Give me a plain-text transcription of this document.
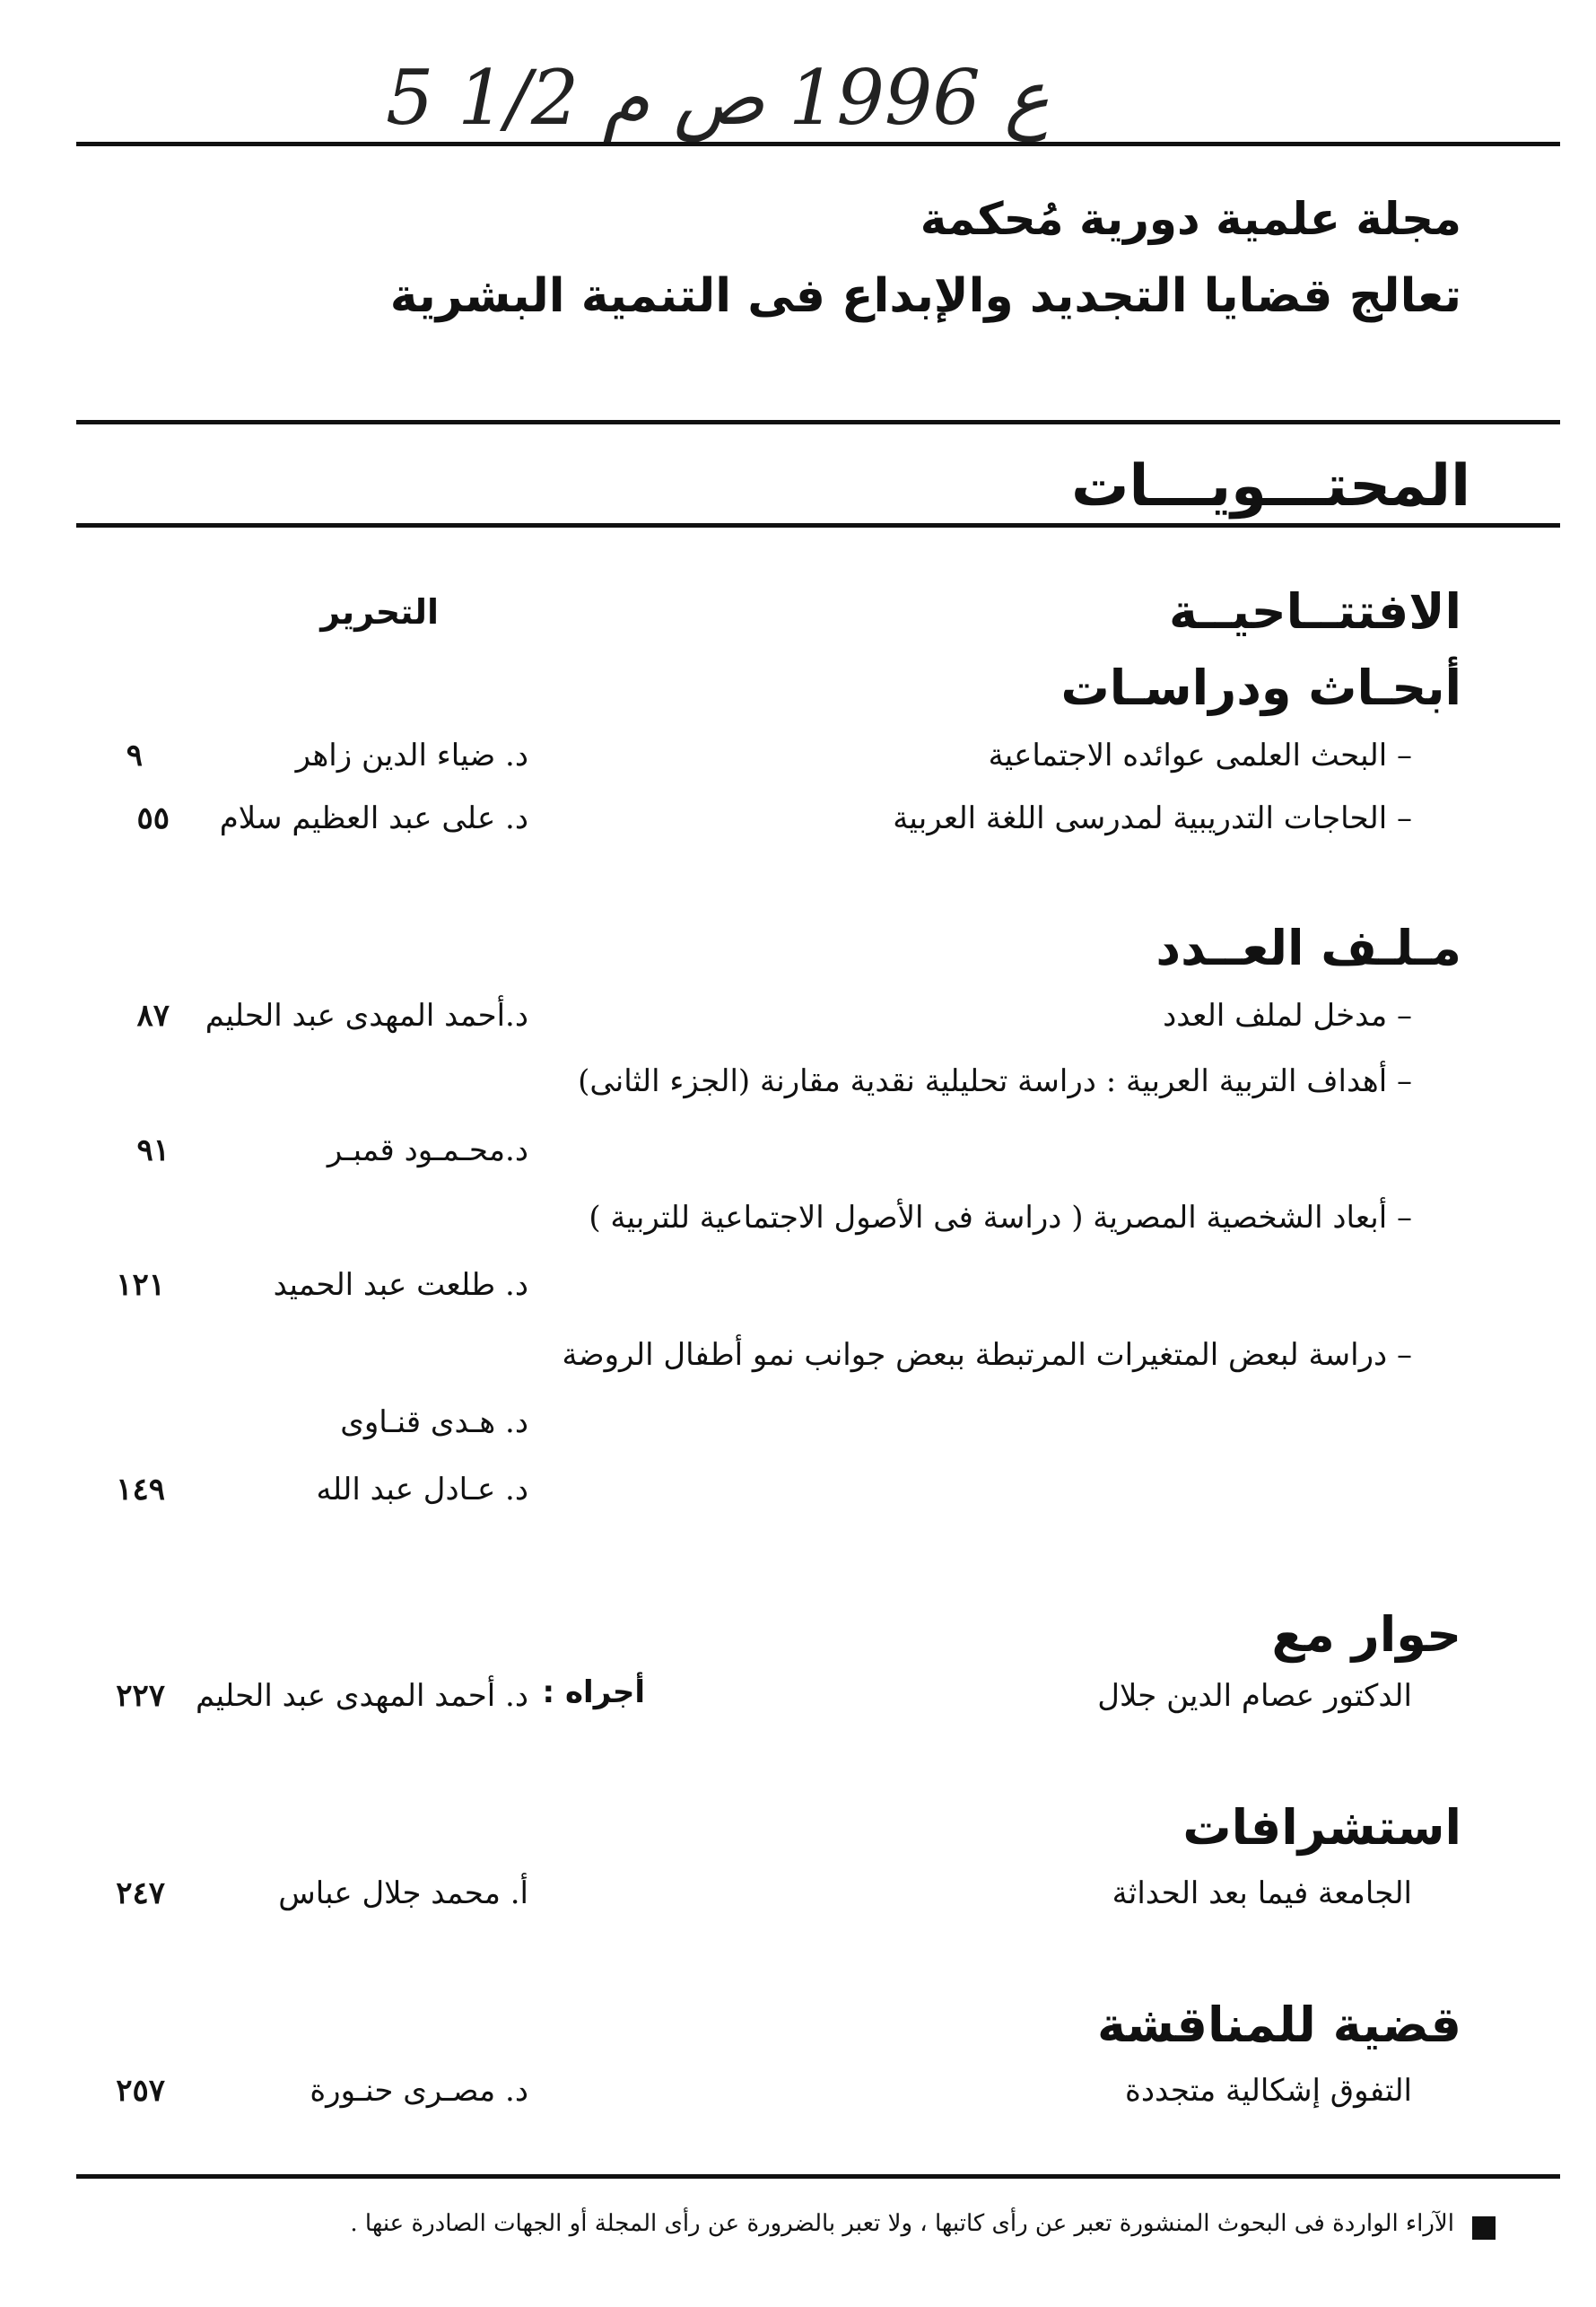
5 ع 1996 ص م 1/2
مجلة علمية دورية مُحكمة
تعالج قضايا التجديد والإبداع فى التنمية البشرية
المحتـــويـــات
الافتتــاحيــة
التحرير
أبحـاث ودراسـات
– البحث العلمى عوائده الاجتماعية
د. ضياء الدين زاهر
٩
– الحاجات التدريبية لمدرسى اللغة العربية
د. على عبد العظيم سلام
٥٥
مـلـف العــدد
– مدخل لملف العدد
د.أحمد المهدى عبد الحليم
٨٧
– أهداف التربية العربية : دراسة تحليلية نقدية مقارنة (الجزء الثانى)
د.محـمـود قمبـر
٩١
– أبعاد الشخصية المصرية ( دراسة فى الأصول الاجتماعية للتربية )
د. طلعت عبد الحميد
١٢١
– دراسة لبعض المتغيرات المرتبطة ببعض جوانب نمو أطفال الروضة
د. هـدى قنـاوى
د. عـادل عبد الله
١٤٩
حوار مع
الدكتور عصام الدين جلال
أجراه :
د. أحمد المهدى عبد الحليم
٢٢٧
استشرافات
الجامعة فيما بعد الحداثة
أ. محمد جلال عباس
٢٤٧
قضية للمناقشة
التفوق إشكالية متجددة
د. مصـرى حنـورة
٢٥٧
الآراء الواردة فى البحوث المنشورة تعبر عن رأى كاتبها ، ولا تعبر بالضرورة عن رأى المجلة أو الجهات الصادرة عنها .
